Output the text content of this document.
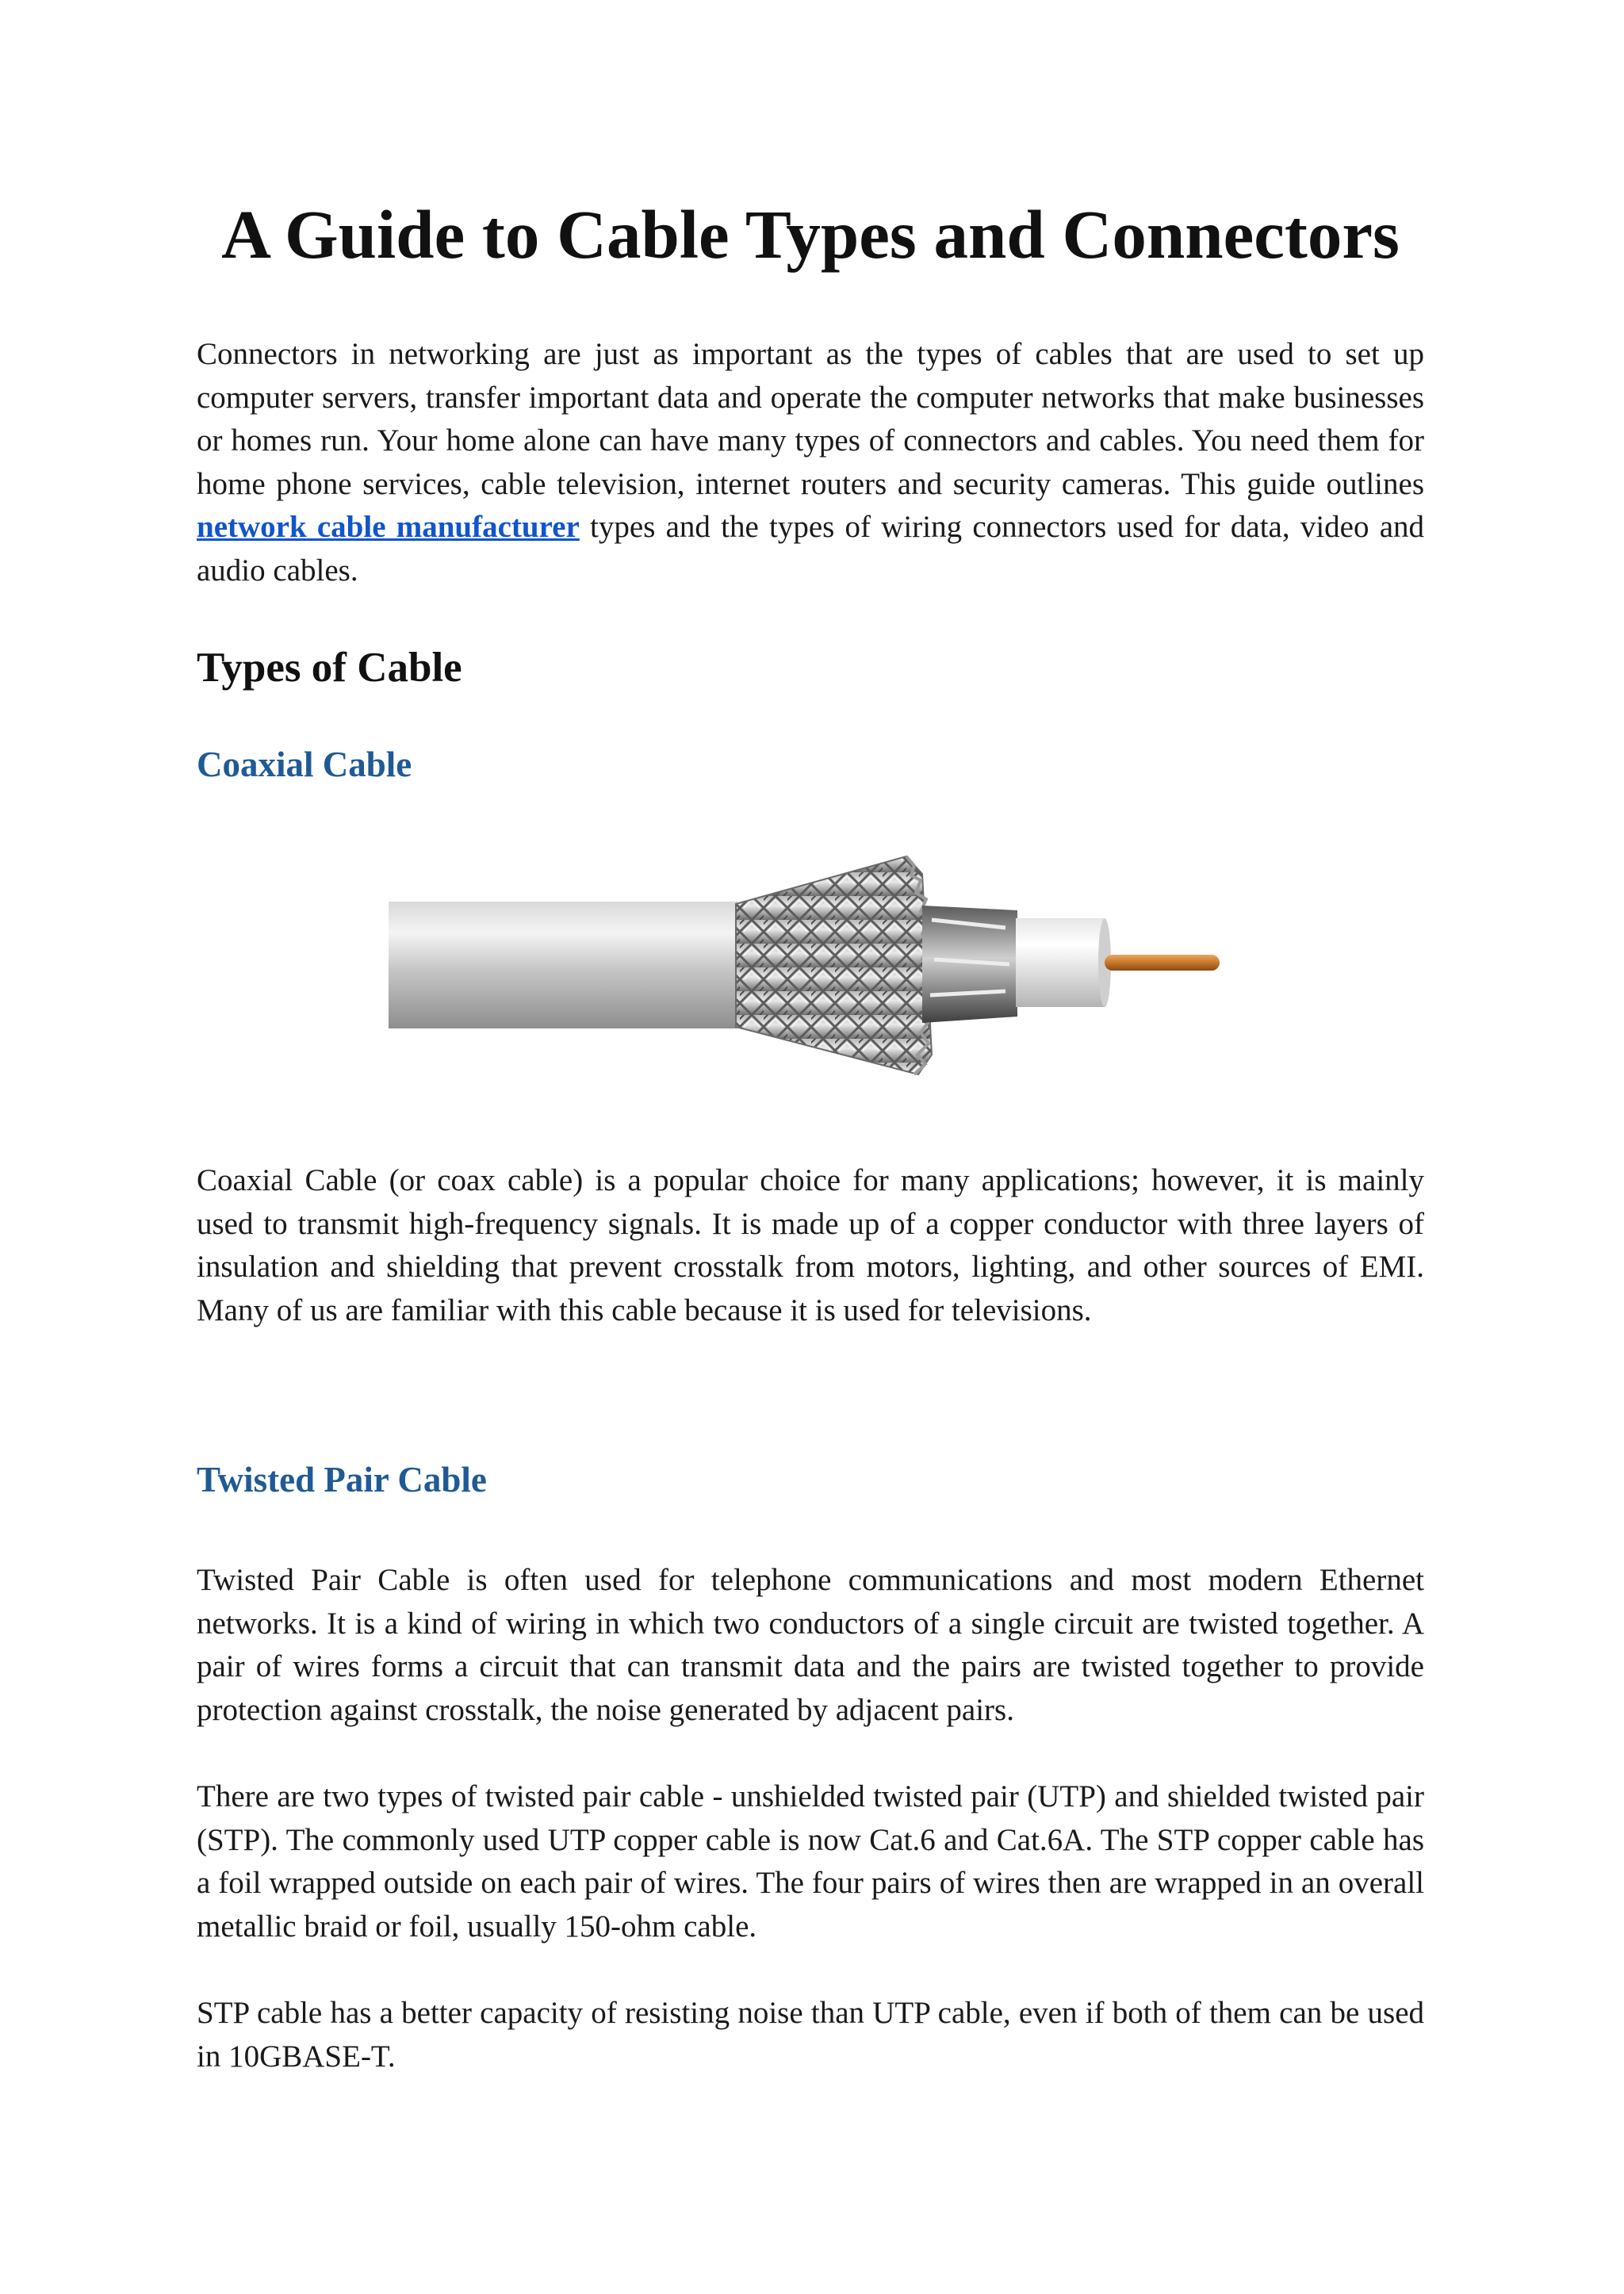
A Guide to Cable Types and Connectors

Connectors in networking are just as important as the types of cables that are used to set up computer servers, transfer important data and operate the computer networks that make businesses or homes run. Your home alone can have many types of connectors and cables. You need them for home phone services, cable television, internet routers and security cameras. This guide outlines network cable manufacturer types and the types of wiring connectors used for data, video and audio cables.

Types of Cable
Coaxial Cable

Coaxial Cable (or coax cable) is a popular choice for many applications; however, it is mainly used to transmit high-frequency signals. It is made up of a copper conductor with three layers of insulation and shielding that prevent crosstalk from motors, lighting, and other sources of EMI. Many of us are familiar with this cable because it is used for televisions.

Twisted Pair Cable

Twisted Pair Cable is often used for telephone communications and most modern Ethernet networks. It is a kind of wiring in which two conductors of a single circuit are twisted together. A pair of wires forms a circuit that can transmit data and the pairs are twisted together to provide protection against crosstalk, the noise generated by adjacent pairs.

There are two types of twisted pair cable - unshielded twisted pair (UTP) and shielded twisted pair (STP). The commonly used UTP copper cable is now Cat.6 and Cat.6A. The STP copper cable has a foil wrapped outside on each pair of wires. The four pairs of wires then are wrapped in an overall metallic braid or foil, usually 150-ohm cable.

STP cable has a better capacity of resisting noise than UTP cable, even if both of them can be used in 10GBASE-T.
